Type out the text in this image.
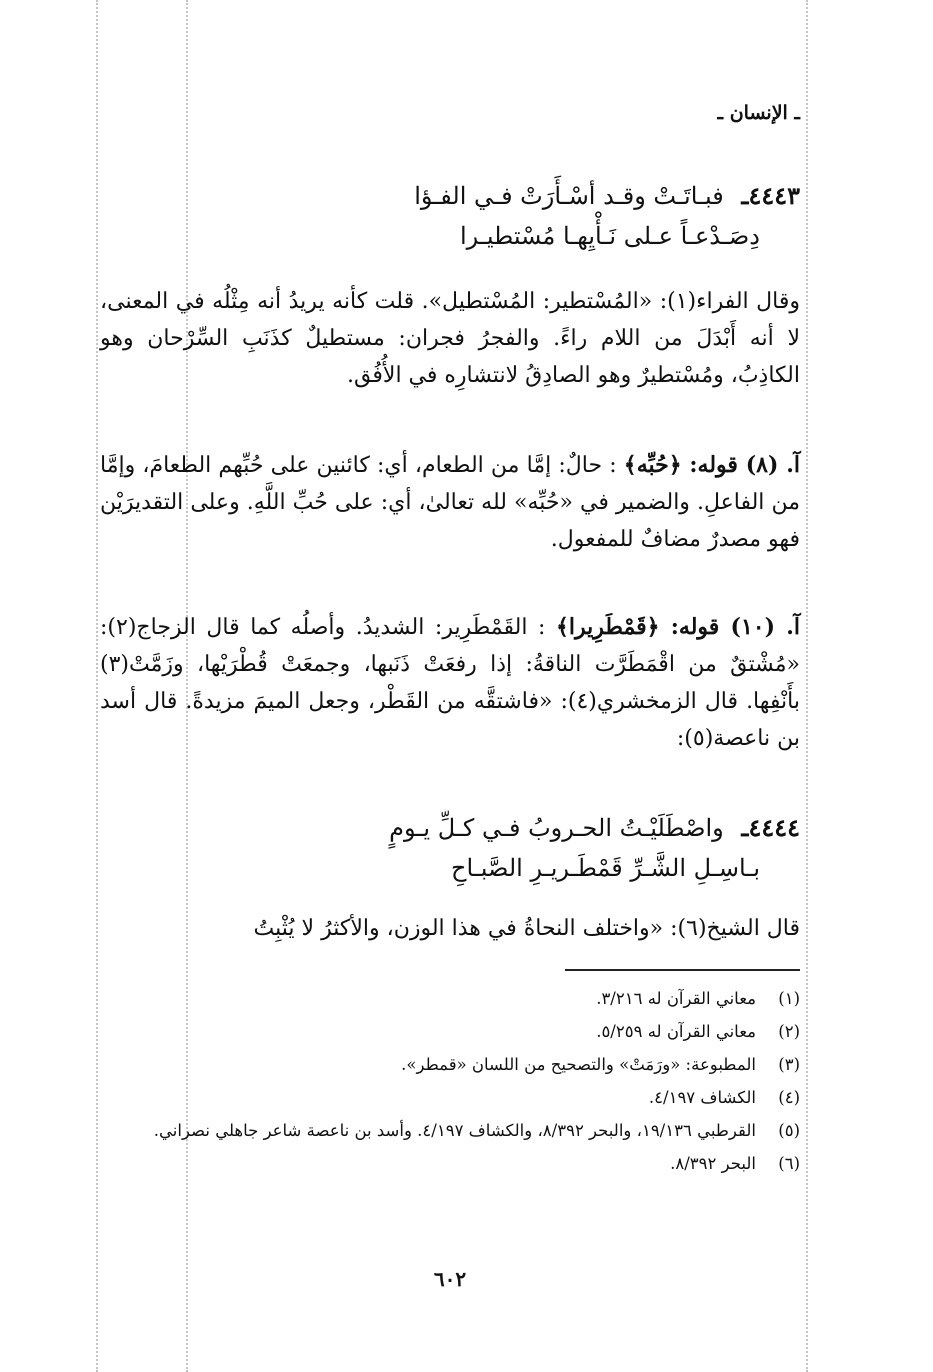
ـ الإنسان ـ
٤٤٤٣ـ فبـاتَـتْ وقـد أسْـأَرَتْ فـي الفـؤا
دِصَـدْعـاً عـلى نَـأْيِهـا مُسْتطيـرا
وقال الفراء(١): «المُسْتطير: المُسْتطيل». قلت كأنه يريدُ أنه مِثْلُه في المعنى، لا أنه أَبْدَلَ من اللام راءً. والفجرُ فجران: مستطيلٌ كذَنَبِ السِّرْحان وهو الكاذِبُ، ومُسْتطيرٌ وهو الصادِقُ لانتشارِه في الأُفُق.
آ. (٨) قوله: ﴿حُبِّه﴾ : حالٌ: إمَّا من الطعام، أي: كائنين على حُبِّهم الطعامَ، وإمَّا من الفاعلِ. والضمير في «حُبِّه» لله تعالىٰ، أي: على حُبِّ اللَّهِ. وعلى التقديرَيْن فهو مصدرٌ مضافٌ للمفعول.
آ. (١٠) قوله: ﴿قَمْطَرِيرا﴾ : القَمْطَرِير: الشديدُ. وأصلُه كما قال الزجاج(٢): «مُشْتقٌ من اقْمَطَرَّت الناقةُ: إذا رفعَتْ ذَنَبها، وجمعَتْ قُطْرَيْها، وزَمَّتْ(٣) بأَنْفِها. قال الزمخشري(٤): «فاشتقَّه من القَطْر، وجعل الميمَ مزيدةً. قال أسد بن ناعصة(٥):
٤٤٤٤ـ واصْطَلَيْـتُ الحـروبُ فـي كـلِّ يـومٍ
بـاسِـلِ الشَّـرِّ قَمْطَـريـرِ الصَّبـاحِ
قال الشيخ(٦): «واختلف النحاةُ في هذا الوزن، والأكثرُ لا يُثْبِتُ
(١)
معاني القرآن له ٣/٢١٦.
(٢)
معاني القرآن له ٥/٢٥٩.
(٣)
المطبوعة: «ورَمَتْ» والتصحيح من اللسان «قمطر».
(٤)
الكشاف ٤/١٩٧.
(٥)
القرطبي ١٩/١٣٦، والبحر ٨/٣٩٢، والكشاف ٤/١٩٧. وأسد بن ناعصة شاعر جاهلي نصراني.
(٦)
البحر ٨/٣٩٢.
٦٠٢
